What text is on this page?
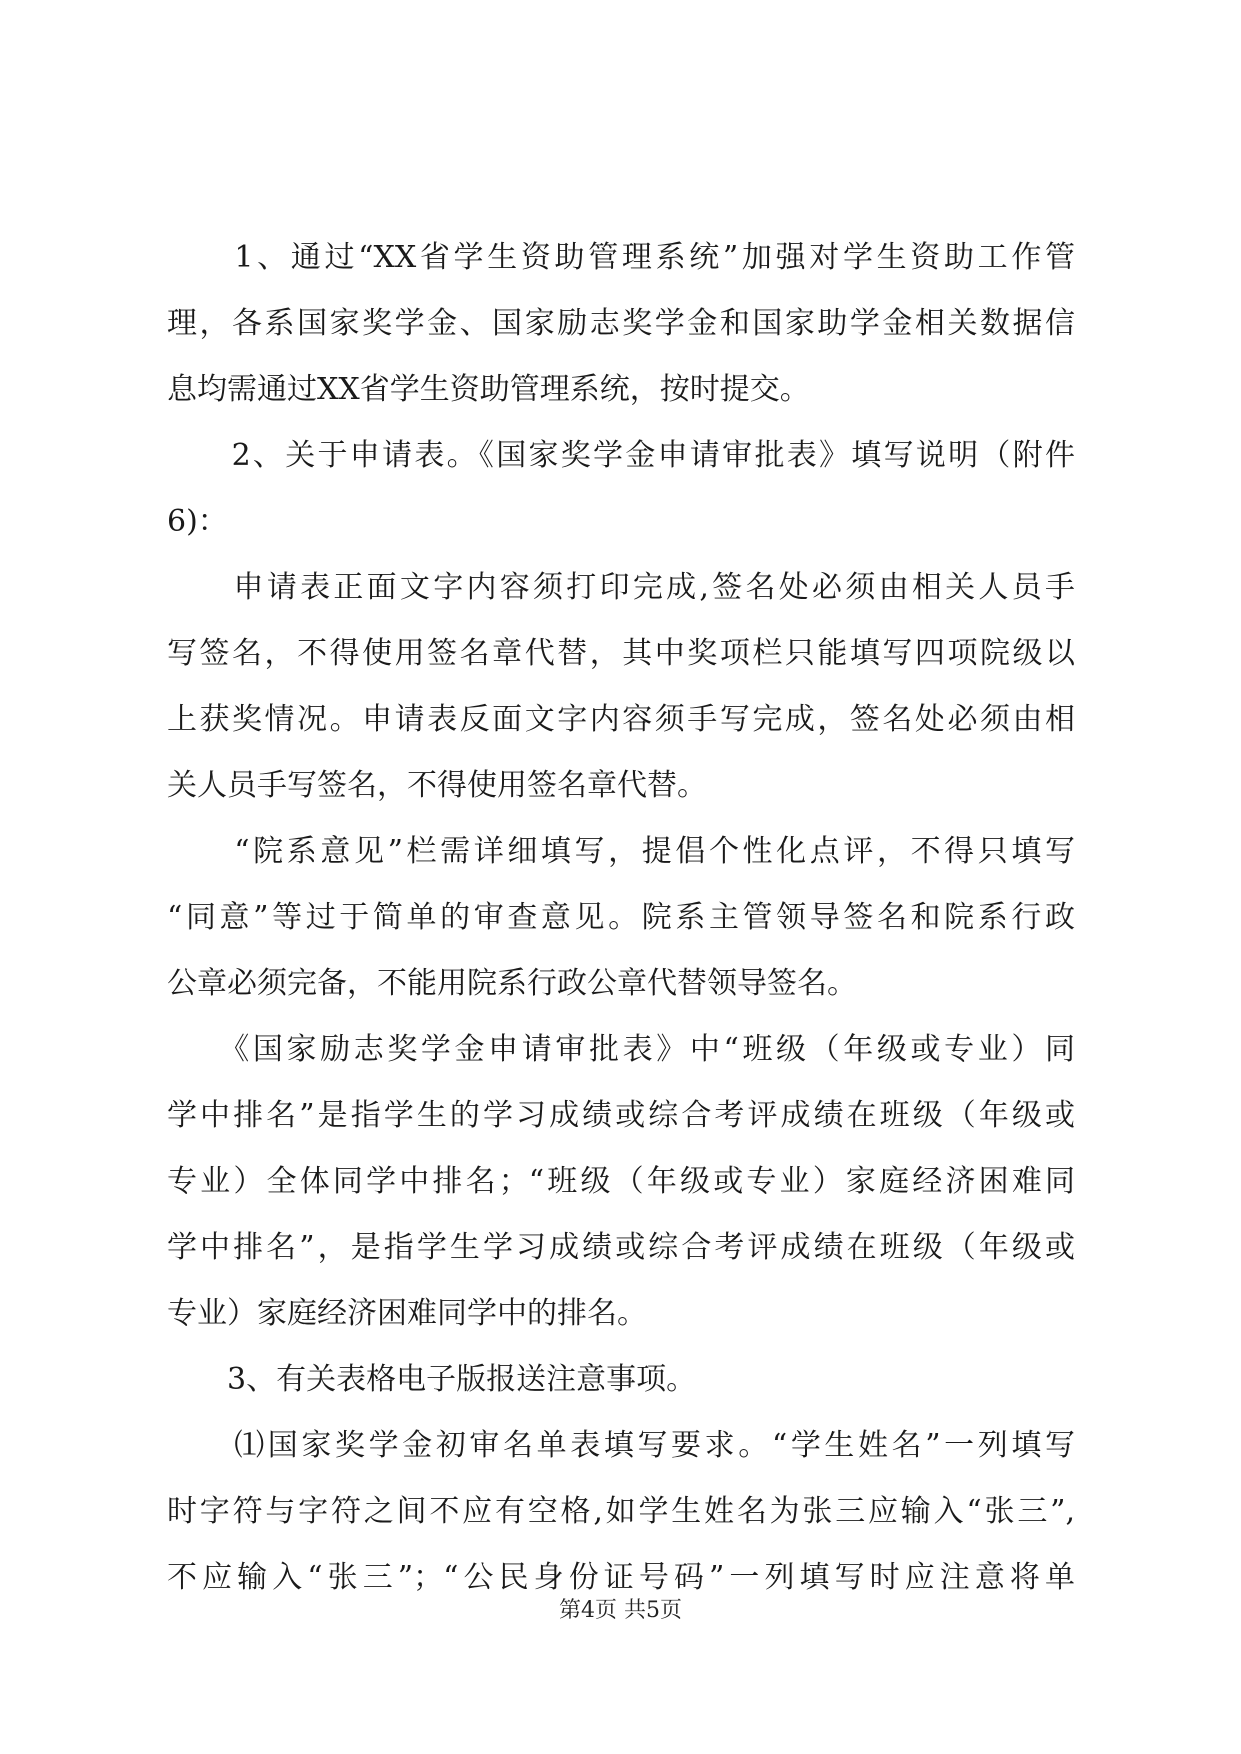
　　1、通过“XX省学生资助管理系统”加强对学生资助工作管
理，各系国家奖学金、国家励志奖学金和国家助学金相关数据信
息均需通过XX省学生资助管理系统，按时提交。
　　2、关于申请表。《国家奖学金申请审批表》填写说明（附件
6)：
　　申请表正面文字内容须打印完成,签名处必须由相关人员手
写签名，不得使用签名章代替，其中奖项栏只能填写四项院级以
上获奖情况。申请表反面文字内容须手写完成，签名处必须由相
关人员手写签名，不得使用签名章代替。
　　“院系意见”栏需详细填写，提倡个性化点评，不得只填写
“同意”等过于简单的审查意见。院系主管领导签名和院系行政
公章必须完备，不能用院系行政公章代替领导签名。
　　《国家励志奖学金申请审批表》中“班级（年级或专业）同
学中排名”是指学生的学习成绩或综合考评成绩在班级（年级或
专业）全体同学中排名；“班级（年级或专业）家庭经济困难同
学中排名”，是指学生学习成绩或综合考评成绩在班级（年级或
专业）家庭经济困难同学中的排名。
　　3、有关表格电子版报送注意事项。
　　⑴国家奖学金初审名单表填写要求。“学生姓名”一列填写
时字符与字符之间不应有空格,如学生姓名为张三应输入“张三”,
不应输入“张三”；“公民身份证号码”一列填写时应注意将单
第4页 共5页
